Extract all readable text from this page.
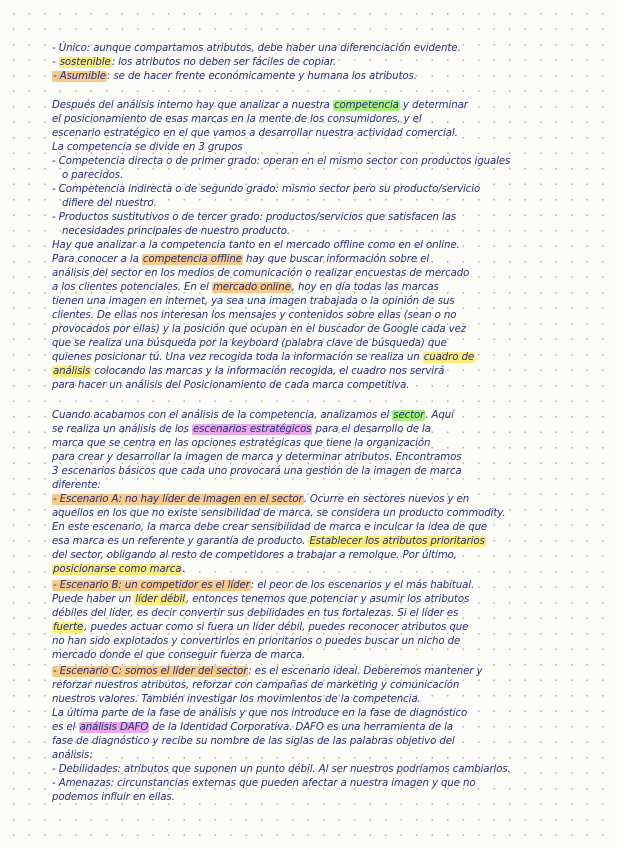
- Único: aunque compartamos atributos, debe haber una diferenciación evidente.
- sostenible: los atributos no deben ser fáciles de copiar.
- Asumible: se de hacer frente económicamente y humana los atributos.
Después del análisis interno hay que analizar a nuestra competencia y determinar
el posicionamiento de esas marcas en la mente de los consumidores, y el
escenario estratégico en el que vamos a desarrollar nuestra actividad comercial.
La competencia se divide en 3 grupos
- Competencia directa o de primer grado: operan en el mismo sector con productos iguales
o parecidos.
- Competencia indirecta o de segundo grado: mismo sector pero su producto/servicio
difiere del nuestro.
- Productos sustitutivos o de tercer grado: productos/servicios que satisfacen las
necesidades principales de nuestro producto.
Hay que analizar a la competencia tanto en el mercado offline como en el online.
Para conocer a la competencia offline hay que buscar información sobre el
análisis del sector en los medios de comunicación o realizar encuestas de mercado
a los clientes potenciales. En el mercado online, hoy en día todas las marcas
tienen una imagen en internet, ya sea una imagen trabajada o la opinión de sus
clientes. De ellas nos interesan los mensajes y contenidos sobre ellas (sean o no
provocados por ellas) y la posición que ocupan en el buscador de Google cada vez
que se realiza una búsqueda por la keyboard (palabra clave de búsqueda) que
quienes posicionar tú. Una vez recogida toda la información se realiza un cuadro de
análisis colocando las marcas y la información recogida, el cuadro nos servirá
para hacer un análisis del Posicionamiento de cada marca competitiva.
Cuando acabamos con el análisis de la competencia, analizamos el sector. Aquí
se realiza un análisis de los escenarios estratégicos para el desarrollo de la
marca que se centra en las opciones estratégicas que tiene la organización
para crear y desarrollar la imagen de marca y determinar atributos. Encontramos
3 escenarios básicos que cada uno provocará una gestión de la imagen de marca
diferente:
- Escenario A: no hay líder de imagen en el sector. Ocurre en sectores nuevos y en
aquellos en los que no existe sensibilidad de marca, se considera un producto commodity.
En este escenario, la marca debe crear sensibilidad de marca e inculcar la idea de que
esa marca es un referente y garantía de producto. Establecer los atributos prioritarios
del sector, obligando al resto de competidores a trabajar a remolque. Por último,
posicionarse como marca.
- Escenario B: un competidor es el líder: el peor de los escenarios y el más habitual.
Puede haber un líder débil, entonces tenemos que potenciar y asumir los atributos
débiles del líder, es decir convertir sus debilidades en tus fortalezas. Si el líder es
fuerte, puedes actuar como si fuera un líder débil, puedes reconocer atributos que
no han sido explotados y convertirlos en prioritarios o puedes buscar un nicho de
mercado donde el que conseguir fuerza de marca.
- Escenario C: somos el líder del sector: es el escenario ideal. Deberemos mantener y
reforzar nuestros atributos, reforzar con campañas de marketing y comunicación
nuestros valores. También investigar los movimientos de la competencia.
La última parte de la fase de análisis y que nos introduce en la fase de diagnóstico
es el análisis DAFO de la Identidad Corporativa. DAFO es una herramienta de la
fase de diagnóstico y recibe su nombre de las siglas de las palabras objetivo del
análisis:
- Debilidades: atributos que suponen un punto débil. Al ser nuestros podríamos cambiarlos.
- Amenazas: circunstancias externas que pueden afectar a nuestra imagen y que no
podemos influir en ellas.
